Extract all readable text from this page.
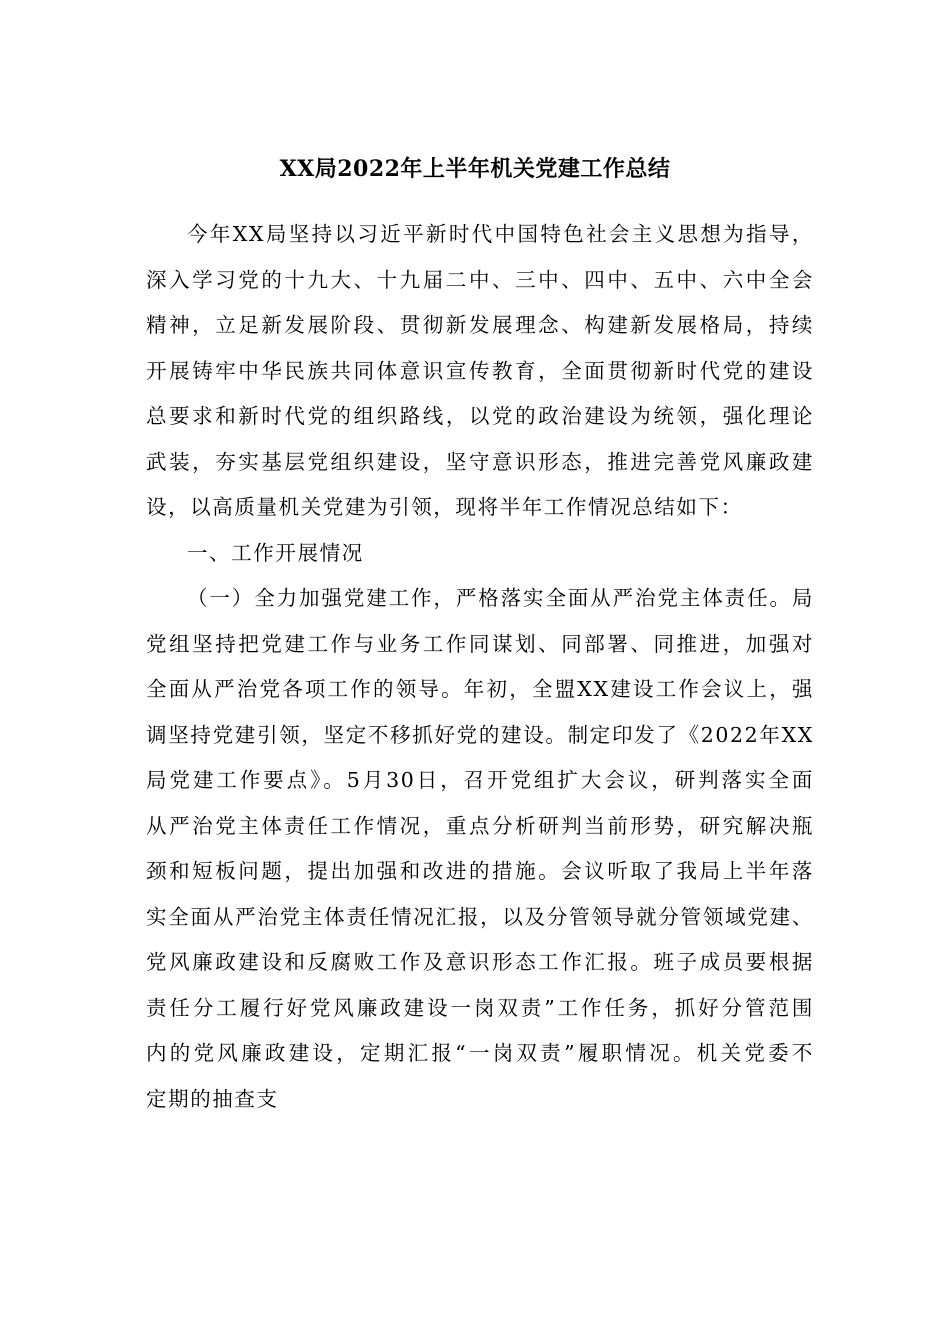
XX局2022年上半年机关党建工作总结
今年XX局坚持以习近平新时代中国特色社会主义思想为指导，
深入学习党的十九大、十九届二中、三中、四中、五中、六中全会
精神，立足新发展阶段、贯彻新发展理念、构建新发展格局，持续
开展铸牢中华民族共同体意识宣传教育，全面贯彻新时代党的建设
总要求和新时代党的组织路线，以党的政治建设为统领，强化理论
武装，夯实基层党组织建设，坚守意识形态，推进完善党风廉政建
设，以高质量机关党建为引领，现将半年工作情况总结如下：
一、工作开展情况
（一）全力加强党建工作，严格落实全面从严治党主体责任。局
党组坚持把党建工作与业务工作同谋划、同部署、同推进，加强对
全面从严治党各项工作的领导。年初，全盟XX建设工作会议上，强
调坚持党建引领，坚定不移抓好党的建设。制定印发了《2022年XX
局党建工作要点》。5月30日，召开党组扩大会议，研判落实全面
从严治党主体责任工作情况，重点分析研判当前形势，研究解决瓶
颈和短板问题，提出加强和改进的措施。会议听取了我局上半年落
实全面从严治党主体责任情况汇报，以及分管领导就分管领域党建、
党风廉政建设和反腐败工作及意识形态工作汇报。班子成员要根据
责任分工履行好党风廉政建设一岗双责”工作任务，抓好分管范围
内的党风廉政建设，定期汇报“一岗双责”履职情况。机关党委不
定期的抽查支
